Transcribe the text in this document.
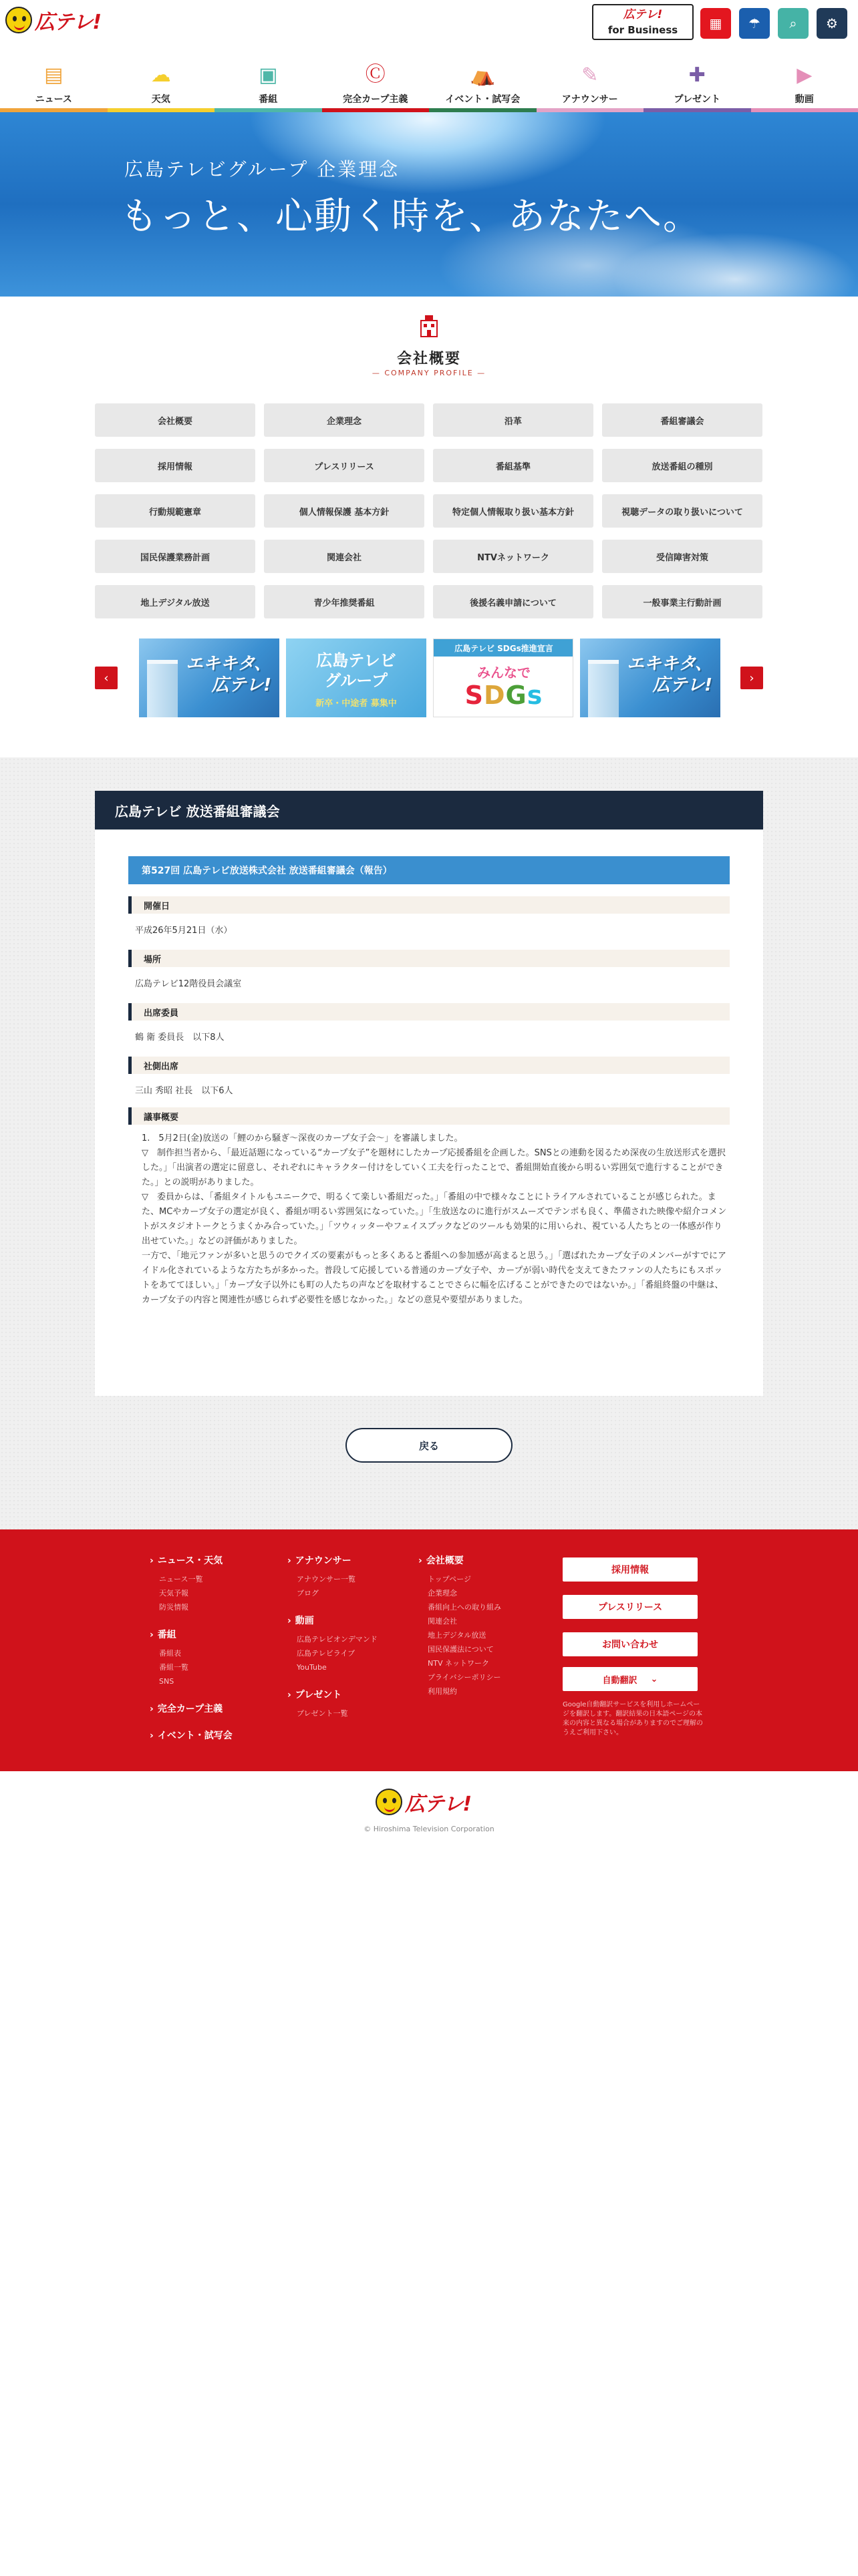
広テレ!	広テレ!
for Business	▦ ☂ ⌕ ⚙
▤
ニュース
☁
天気
▣
番組
Ⓒ
完全カープ主義
⛺
イベント・試写会
✎
アナウンサー
✚
プレゼント
▶
動画
広島テレビグループ 企業理念
もっと、心動く時を、あなたへ。
会社概要
— COMPANY PROFILE —
会社概要	企業理念	沿革	番組審議会
採用情報	プレスリリース	番組基準	放送番組の種別
行動規範憲章	個人情報保護 基本方針	特定個人情報取り扱い基本方針	視聴データの取り扱いについて
国民保護業務計画	関連会社	NTVネットワーク	受信障害対策
地上デジタル放送	青少年推奨番組	後援名義申請について	一般事業主行動計画
‹
エキキタ、
広テレ!
広島テレビ
グループ
新卒・中途者 募集中
広島テレビ SDGs推進宣言
みんなで
SDGs
エキキタ、
広テレ!	›
広島テレビ 放送番組審議会
第527回 広島テレビ放送株式会社 放送番組審議会（報告）
開催日
平成26年5月21日（水）
場所
広島テレビ12階役員会議室
出席委員
鶴 衛 委員長　以下8人
社側出席
三山 秀昭 社長　以下6人
議事概要

1.　5月2日(金)放送の「鯉のから騒ぎ～深夜のカープ女子会～」を審議しました。

▽　制作担当者から、「最近話題になっている“カープ女子”を題材にしたカープ応援番組を企画した。SNSとの連動を図るため深夜の生放送形式を選択した。」「出演者の選定に留意し、それぞれにキャラクター付けをしていく工夫を行ったことで、番組開始直後から明るい雰囲気で進行することができた。」との説明がありました。

▽　委員からは、「番組タイトルもユニークで、明るくて楽しい番組だった。」「番組の中で様々なことにトライアルされていることが感じられた。また、MCやカープ女子の選定が良く、番組が明るい雰囲気になっていた。」「生放送なのに進行がスムーズでテンポも良く、準備された映像や紹介コメントがスタジオトークとうまくかみ合っていた。」「ツウィッターやフェイスブックなどのツールも効果的に用いられ、視ている人たちとの一体感が作り出せていた。」などの評価がありました。

一方で、「地元ファンが多いと思うのでクイズの要素がもっと多くあると番組への参加感が高まると思う。」「選ばれたカープ女子のメンバーがすでにアイドル化されているような方たちが多かった。普段して応援している普通のカープ女子や、カープが弱い時代を支えてきたファンの人たちにもスポットをあててほしい。」「カープ女子以外にも町の人たちの声などを取材することでさらに幅を広げることができたのではないか。」「番組終盤の中継は、カープ女子の内容と関連性が感じられず必要性を感じなかった。」などの意見や要望がありました。

戻る
› ニュース・天気
ニュース一覧
天気予報
防災情報
› 番組
番組表
番組一覧
SNS
› 完全カープ主義
› イベント・試写会
› アナウンサー
アナウンサー一覧
ブログ
› 動画
広島テレビオンデマンド
広島テレビライブ
YouTube
› プレゼント
プレゼント一覧
› 会社概要
トップページ
企業理念
番組向上への取り組み
関連会社
地上デジタル放送
国民保護法について
NTV ネットワーク
プライバシーポリシー
利用規約
採用情報
プレスリリース
お問い合わせ
自動翻訳 ⌄
Google自動翻訳サービスを利用しホームページを翻訳します。翻訳結果の日本語ページの本来の内容と異なる場合がありますのでご理解のうえご利用下さい。
広テレ!
© Hiroshima Television Corporation
